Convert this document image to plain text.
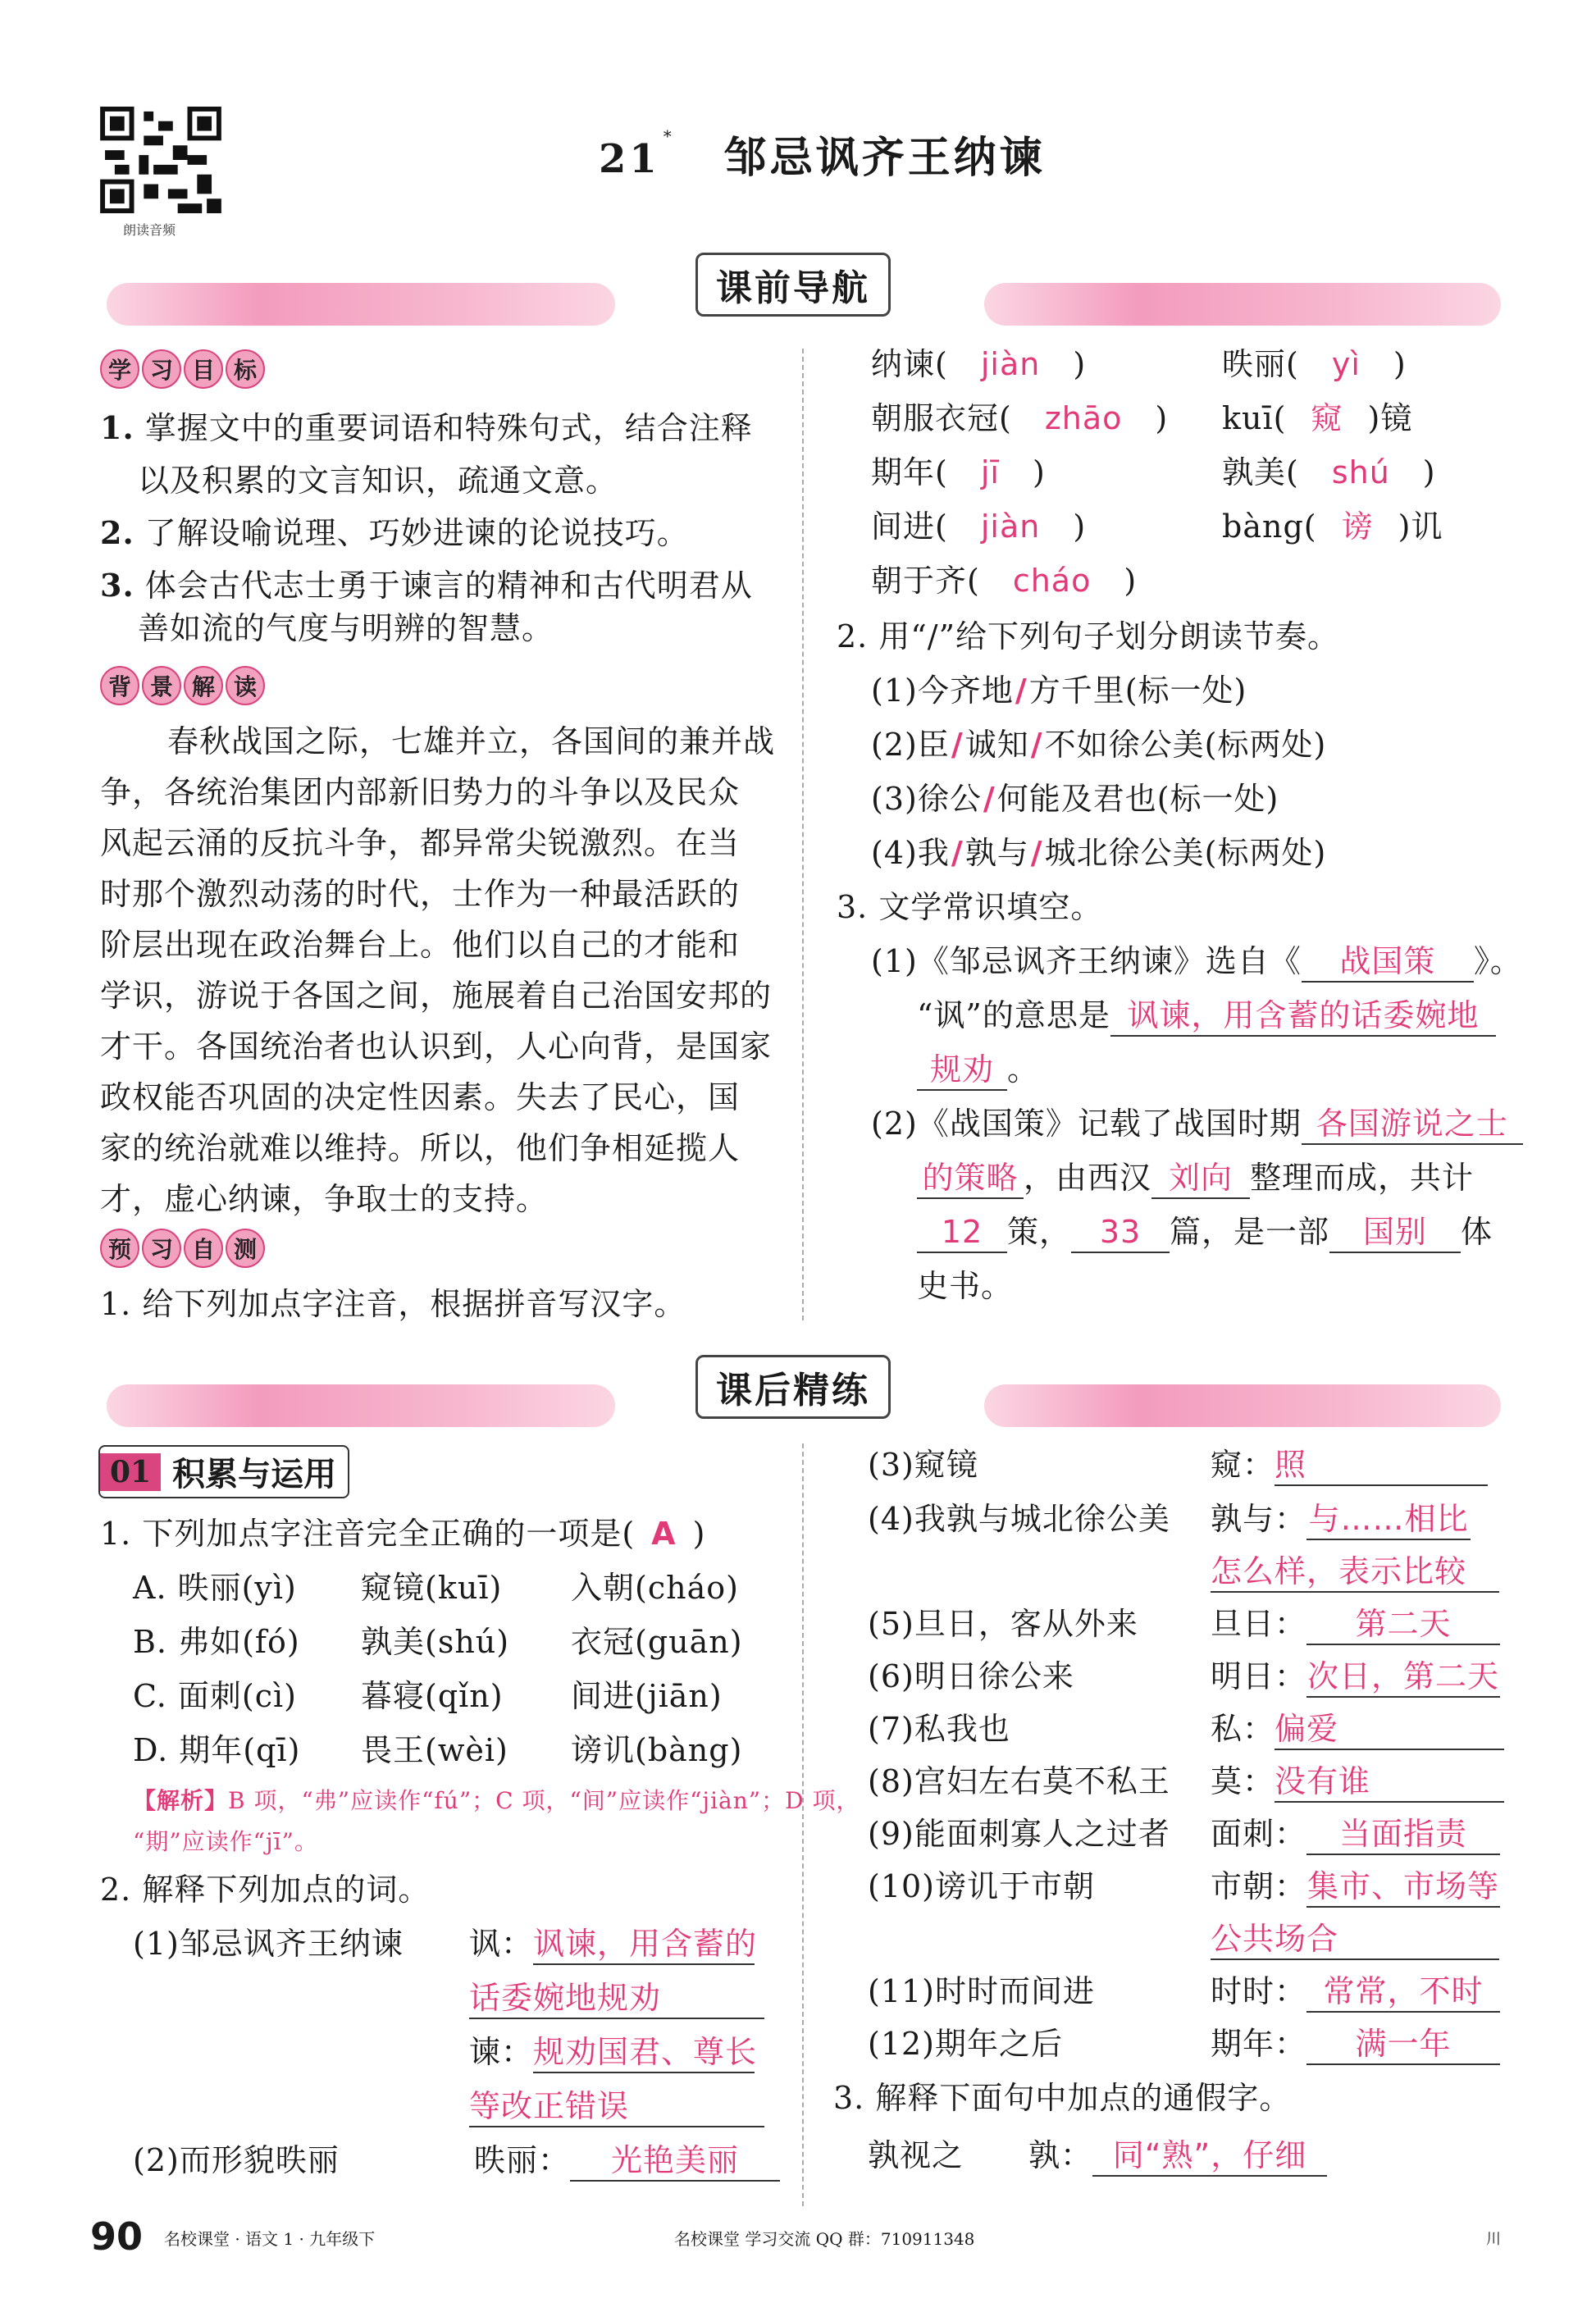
朗读音频
21 * 邹忌讽齐王纳谏
课前导航
学 习 目 标
1. 掌握文中的重要词语和特殊句式，结合注释
以及积累的文言知识，疏通文意。
2. 了解设喻说理、巧妙进谏的论说技巧。
3. 体会古代志士勇于谏言的精神和古代明君从
善如流的气度与明辨的智慧。
背 景 解 读
春秋战国之际，七雄并立，各国间的兼并战
争，各统治集团内部新旧势力的斗争以及民众
风起云涌的反抗斗争，都异常尖锐激烈。在当
时那个激烈动荡的时代，士作为一种最活跃的
阶层出现在政治舞台上。他们以自己的才能和
学识，游说于各国之间，施展着自己治国安邦的
才干。各国统治者也认识到，人心向背，是国家
政权能否巩固的决定性因素。失去了民心，国
家的统治就难以维持。所以，他们争相延揽人
才，虚心纳谏，争取士的支持。
预 习 自 测
1. 给下列加点字注音，根据拼音写汉字。
纳谏( jiàn )	昳丽( yì )
朝服衣冠( zhāo ) kuī( 窥 )镜
期年( jī )	孰美( shú )
间进( jiàn )	bàng( 谤 )讥
朝于齐( cháo )
2. 用“/”给下列句子划分朗读节奏。
(1)今齐地/方千里(标一处)
(2)臣/诚知/不如徐公美(标两处)
(3)徐公/何能及君也(标一处)
(4)我/孰与/城北徐公美(标两处)
3. 文学常识填空。
(1)《邹忌讽齐王纳谏》选自《 战国策 》。
“讽”的意思是 讽谏，用含蓄的话委婉地
规劝 。
(2)《战国策》记载了战国时期 各国游说之士
的策略 ，由西汉 刘向 整理而成，共计
12 策， 33 篇，是一部 国别 体
史书。
课后精练
01 积累与运用
1. 下列加点字注音完全正确的一项是( A )
A. 昳丽(yì) 窥镜(kuī) 入朝(cháo)
B. 弗如(fó) 孰美(shú) 衣冠(guān)
C. 面刺(cì) 暮寝(qǐn) 间进(jiān)
D. 期年(qī) 畏王(wèi) 谤讥(bàng)
【解析】B 项，“弗”应读作“fú”；C 项，“间”应读作“jiàn”；D 项，
“期”应读作“jī”。
2. 解释下列加点的词。
(1)邹忌讽齐王纳谏 讽：讽谏，用含蓄的
话委婉地规劝
谏：规劝国君、尊长
等改正错误
(2)而形貌昳丽	昳丽： 光艳美丽
(3)窥镜	窥：照
(4)我孰与城北徐公美 孰与：与……相比
怎么样，表示比较
(5)旦日，客从外来 旦日： 第二天
(6)明日徐公来	明日：次日，第二天
(7)私我也	私：偏爱
(8)宫妇左右莫不私王 莫：没有谁
(9)能面刺寡人之过者 面刺： 当面指责
(10)谤讥于市朝	市朝：集市、市场等
公共场合
(11)时时而间进	时时： 常常，不时
(12)期年之后	期年： 满一年
3. 解释下面句中加点的通假字。
孰视之 孰： 同“熟”，仔细
90 名校课堂 · 语文 1 · 九年级下	名校课堂 学习交流 QQ 群：710911348	川
